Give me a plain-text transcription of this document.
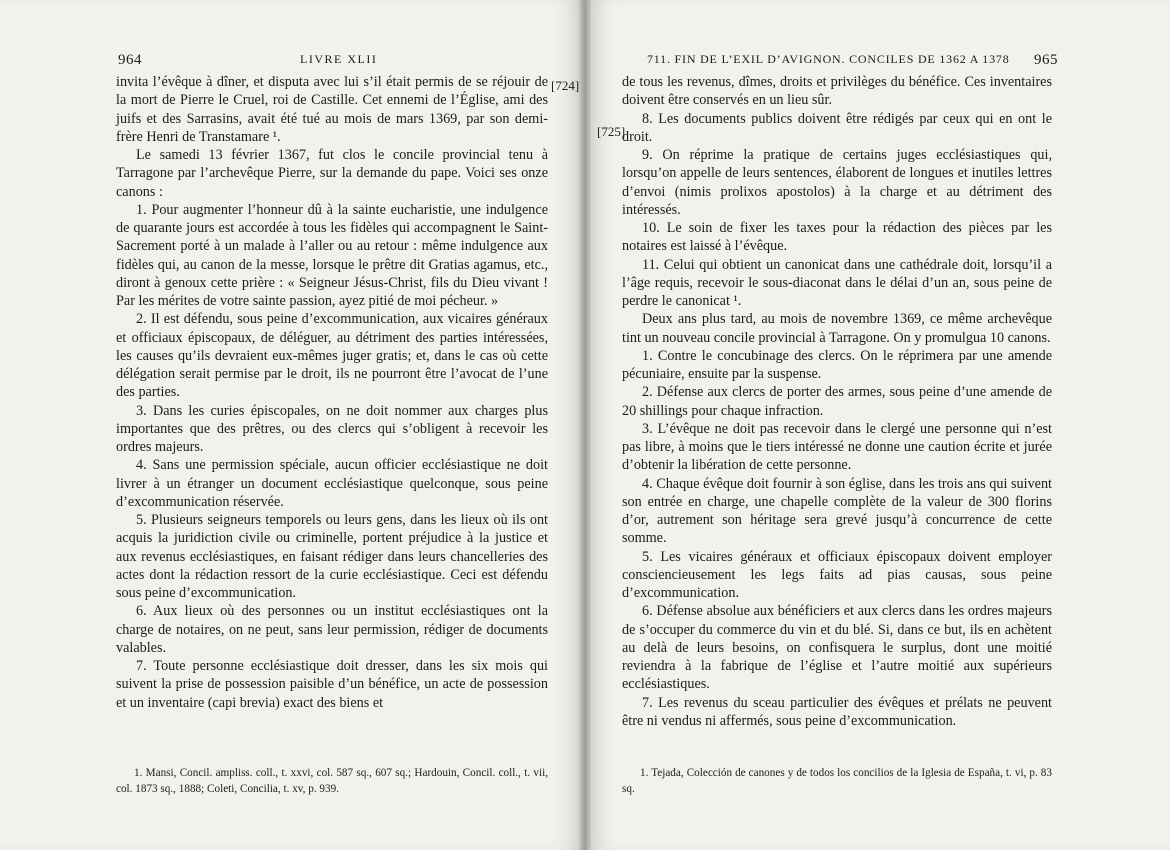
964	LIVRE XLII
[724]

invita l’évêque à dîner, et disputa avec lui s’il était permis de se réjouir de la mort de Pierre le Cruel, roi de Castille. Cet ennemi de l’Église, ami des juifs et des Sarrasins, avait été tué au mois de mars 1369, par son demi-frère Henri de Transtamare ¹.

Le samedi 13 février 1367, fut clos le concile provincial tenu à Tarragone par l’archevêque Pierre, sur la demande du pape. Voici ses onze canons :

1. Pour augmenter l’honneur dû à la sainte eucharistie, une indulgence de quarante jours est accordée à tous les fidèles qui accompagnent le Saint-Sacrement porté à un malade à l’aller ou au retour : même indulgence aux fidèles qui, au canon de la messe, lorsque le prêtre dit Gratias agamus, etc., diront à genoux cette prière : « Seigneur Jésus-Christ, fils du Dieu vivant ! Par les mérites de votre sainte passion, ayez pitié de moi pécheur. »

2. Il est défendu, sous peine d’excommunication, aux vicaires généraux et officiaux épiscopaux, de déléguer, au détriment des parties intéressées, les causes qu’ils devraient eux-mêmes juger gratis; et, dans le cas où cette délégation serait permise par le droit, ils ne pourront être l’avocat de l’une des parties.

3. Dans les curies épiscopales, on ne doit nommer aux charges plus importantes que des prêtres, ou des clercs qui s’obligent à recevoir les ordres majeurs.

4. Sans une permission spéciale, aucun officier ecclésiastique ne doit livrer à un étranger un document ecclésiastique quelconque, sous peine d’excommunication réservée.

5. Plusieurs seigneurs temporels ou leurs gens, dans les lieux où ils ont acquis la juridiction civile ou criminelle, portent préjudice à la justice et aux revenus ecclésiastiques, en faisant rédiger dans leurs chancelleries des actes dont la rédaction ressort de la curie ecclésiastique. Ceci est défendu sous peine d’excommunication.

6. Aux lieux où des personnes ou un institut ecclésiastiques ont la charge de notaires, on ne peut, sans leur permission, rédiger de documents valables.

7. Toute personne ecclésiastique doit dresser, dans les six mois qui suivent la prise de possession paisible d’un bénéfice, un acte de possession et un inventaire (capi brevia) exact des biens et

1. Mansi, Concil. ampliss. coll., t. xxvi, col. 587 sq., 607 sq.; Hardouin, Concil. coll., t. vii, col. 1873 sq., 1888; Coleti, Concilia, t. xv, p. 939.

711. FIN DE L’EXIL D’AVIGNON. CONCILES DE 1362 A 1378 965
[725]

de tous les revenus, dîmes, droits et privilèges du bénéfice. Ces inventaires doivent être conservés en un lieu sûr.

8. Les documents publics doivent être rédigés par ceux qui en ont le droit.

9. On réprime la pratique de certains juges ecclésiastiques qui, lorsqu’on appelle de leurs sentences, élaborent de longues et inutiles lettres d’envoi (nimis prolixos apostolos) à la charge et au détriment des intéressés.

10. Le soin de fixer les taxes pour la rédaction des pièces par les notaires est laissé à l’évêque.

11. Celui qui obtient un canonicat dans une cathédrale doit, lorsqu’il a l’âge requis, recevoir le sous-diaconat dans le délai d’un an, sous peine de perdre le canonicat ¹.

Deux ans plus tard, au mois de novembre 1369, ce même archevêque tint un nouveau concile provincial à Tarragone. On y promulgua 10 canons.

1. Contre le concubinage des clercs. On le réprimera par une amende pécuniaire, ensuite par la suspense.

2. Défense aux clercs de porter des armes, sous peine d’une amende de 20 shillings pour chaque infraction.

3. L’évêque ne doit pas recevoir dans le clergé une personne qui n’est pas libre, à moins que le tiers intéressé ne donne une caution écrite et jurée d’obtenir la libération de cette personne.

4. Chaque évêque doit fournir à son église, dans les trois ans qui suivent son entrée en charge, une chapelle complète de la valeur de 300 florins d’or, autrement son héritage sera grevé jusqu’à concurrence de cette somme.

5. Les vicaires généraux et officiaux épiscopaux doivent employer consciencieusement les legs faits ad pias causas, sous peine d’excommunication.

6. Défense absolue aux bénéficiers et aux clercs dans les ordres majeurs de s’occuper du commerce du vin et du blé. Si, dans ce but, ils en achètent au delà de leurs besoins, on confisquera le surplus, dont une moitié reviendra à la fabrique de l’église et l’autre moitié aux supérieurs ecclésiastiques.

7. Les revenus du sceau particulier des évêques et prélats ne peuvent être ni vendus ni affermés, sous peine d’excommunication.

1. Tejada, Colección de canones y de todos los concilios de la Iglesia de España, t. vi, p. 83 sq.
